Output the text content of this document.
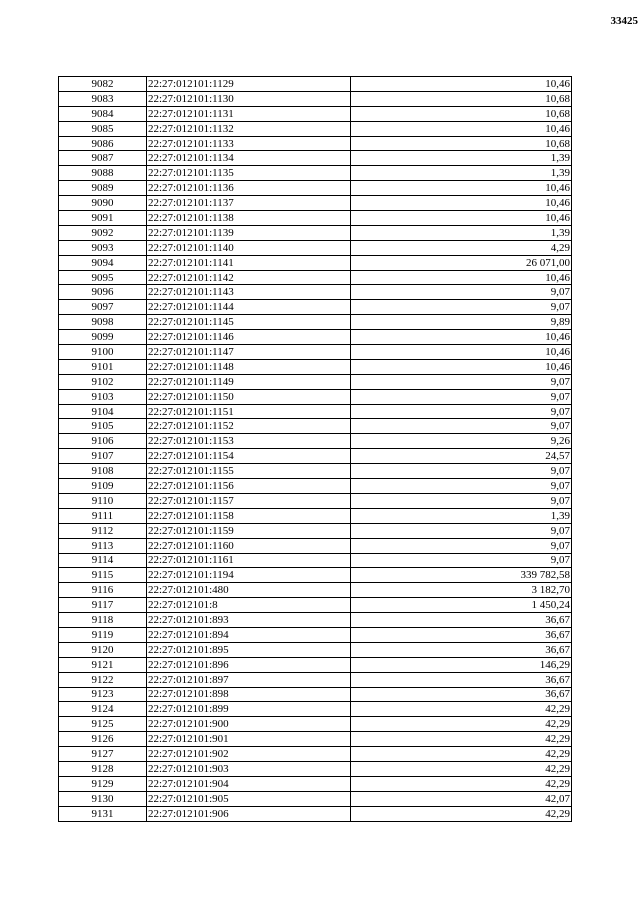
33425
9082	22:27:012101:1129	10,46
9083	22:27:012101:1130	10,68
9084	22:27:012101:1131	10,68
9085	22:27:012101:1132	10,46
9086	22:27:012101:1133	10,68
9087	22:27:012101:1134	1,39
9088	22:27:012101:1135	1,39
9089	22:27:012101:1136	10,46
9090	22:27:012101:1137	10,46
9091	22:27:012101:1138	10,46
9092	22:27:012101:1139	1,39
9093	22:27:012101:1140	4,29
9094	22:27:012101:1141	26 071,00
9095	22:27:012101:1142	10,46
9096	22:27:012101:1143	9,07
9097	22:27:012101:1144	9,07
9098	22:27:012101:1145	9,89
9099	22:27:012101:1146	10,46
9100	22:27:012101:1147	10,46
9101	22:27:012101:1148	10,46
9102	22:27:012101:1149	9,07
9103	22:27:012101:1150	9,07
9104	22:27:012101:1151	9,07
9105	22:27:012101:1152	9,07
9106	22:27:012101:1153	9,26
9107	22:27:012101:1154	24,57
9108	22:27:012101:1155	9,07
9109	22:27:012101:1156	9,07
9110	22:27:012101:1157	9,07
9111	22:27:012101:1158	1,39
9112	22:27:012101:1159	9,07
9113	22:27:012101:1160	9,07
9114	22:27:012101:1161	9,07
9115	22:27:012101:1194	339 782,58
9116	22:27:012101:480	3 182,70
9117	22:27:012101:8	1 450,24
9118	22:27:012101:893	36,67
9119	22:27:012101:894	36,67
9120	22:27:012101:895	36,67
9121	22:27:012101:896	146,29
9122	22:27:012101:897	36,67
9123	22:27:012101:898	36,67
9124	22:27:012101:899	42,29
9125	22:27:012101:900	42,29
9126	22:27:012101:901	42,29
9127	22:27:012101:902	42,29
9128	22:27:012101:903	42,29
9129	22:27:012101:904	42,29
9130	22:27:012101:905	42,07
9131	22:27:012101:906	42,29
